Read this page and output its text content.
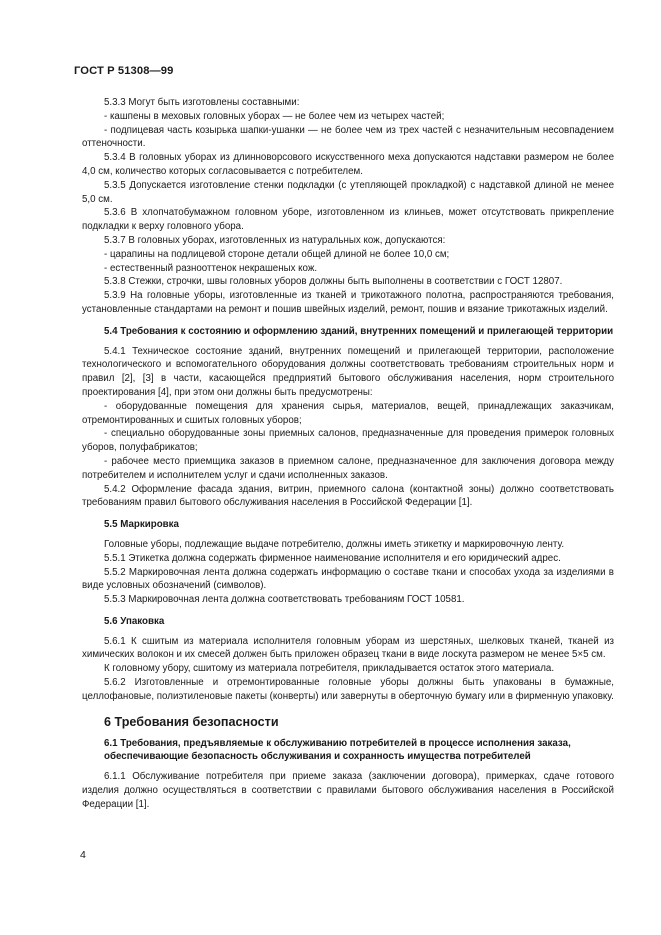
ГОСТ Р 51308—99

5.3.3 Могут быть изготовлены составными:

- кашпены в меховых головных уборах — не более чем из четырех частей;

- подпицевая часть козырька шапки-ушанки — не более чем из трех частей с незначительным несовпадением оттеночности.

5.3.4 В головных уборах из длинноворсового искусственного меха допускаются надставки размером не более 4,0 см, количество которых согласовывается с потребителем.

5.3.5 Допускается изготовление стенки подкладки (с утепляющей прокладкой) с надставкой длиной не менее 5,0 см.

5.3.6 В хлопчатобумажном головном уборе, изготовленном из клиньев, может отсутствовать прикрепление подкладки к верху головного убора.

5.3.7 В головных уборах, изготовленных из натуральных кож, допускаются:

- царапины на подлицевой стороне детали общей длиной не более 10,0 см;

- естественный разнооттенок некрашеных кож.

5.3.8 Стежки, строчки, швы головных уборов должны быть выполнены в соответствии с ГОСТ 12807.

5.3.9 На головные уборы, изготовленные из тканей и трикотажного полотна, распространяются требования, установленные стандартами на ремонт и пошив швейных изделий, ремонт, пошив и вязание трикотажных изделий.

5.4 Требования к состоянию и оформлению зданий, внутренних помещений и прилегающей территории

5.4.1 Техническое состояние зданий, внутренних помещений и прилегающей территории, расположение технологического и вспомогательного оборудования должны соответствовать требованиям строительных норм и правил [2], [3] в части, касающейся предприятий бытового обслуживания населения, норм строительного проектирования [4], при этом они должны быть предусмотрены:

- оборудованные помещения для хранения сырья, материалов, вещей, принадлежащих заказчикам, отремонтированных и сшитых головных уборов;

- специально оборудованные зоны приемных салонов, предназначенные для проведения примерок головных уборов, полуфабрикатов;

- рабочее место приемщика заказов в приемном салоне, предназначенное для заключения договора между потребителем и исполнителем услуг и сдачи исполненных заказов.

5.4.2 Оформление фасада здания, витрин, приемного салона (контактной зоны) должно соответствовать требованиям правил бытового обслуживания населения в Российской Федерации [1].

5.5 Маркировка

Головные уборы, подлежащие выдаче потребителю, должны иметь этикетку и маркировочную ленту.

5.5.1 Этикетка должна содержать фирменное наименование исполнителя и его юридический адрес.

5.5.2 Маркировочная лента должна содержать информацию о составе ткани и способах ухода за изделиями в виде условных обозначений (символов).

5.5.3 Маркировочная лента должна соответствовать требованиям ГОСТ 10581.

5.6 Упаковка

5.6.1 К сшитым из материала исполнителя головным уборам из шерстяных, шелковых тканей, тканей из химических волокон и их смесей должен быть приложен образец ткани в виде лоскута размером не менее 5×5 см.

К головному убору, сшитому из материала потребителя, прикладывается остаток этого материала.

5.6.2 Изготовленные и отремонтированные головные уборы должны быть упакованы в бумажные, целлофановые, полиэтиленовые пакеты (конверты) или завернуты в оберточную бумагу или в фирменную упаковку.

6 Требования безопасности

6.1 Требования, предъявляемые к обслуживанию потребителей в процессе исполнения заказа, обеспечивающие безопасность обслуживания и сохранность имущества потребителей

6.1.1 Обслуживание потребителя при приеме заказа (заключении договора), примерках, сдаче готового изделия должно осуществляться в соответствии с правилами бытового обслуживания населения в Российской Федерации [1].

4
